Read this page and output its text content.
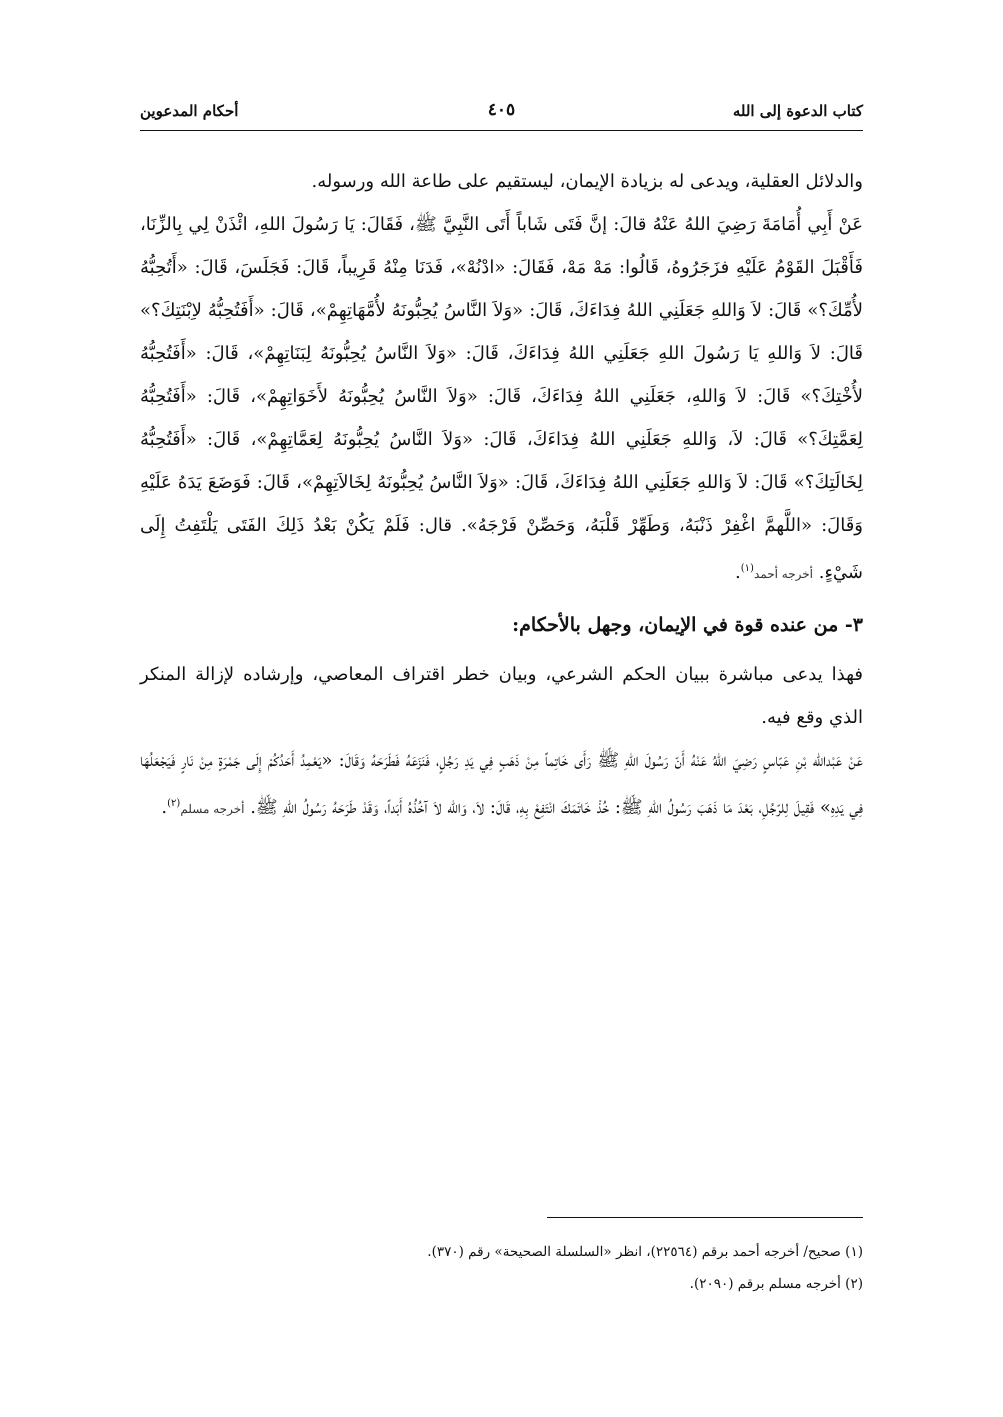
كتاب الدعوة إلى الله
٤٠٥
أحكام المدعوين

والدلائل العقلية، ويدعى له بزيادة الإيمان، ليستقيم على طاعة الله ورسوله.

عَنْ أَبِي أُمَامَةَ رَضِيَ اللهُ عَنْهُ قالَ: إنَّ فَتَى شَاباً أَتَى النَّبِيَّ ﷺ، فَقَالَ: يَا رَسُولَ اللهِ، ائْذَنْ لِي بِالزِّنَا، فَأَقْبَلَ القَوْمُ عَلَيْهِ فزَجَرُوهُ، قَالُوا: مَهْ مَهْ، فَقَالَ: «ادْنُهْ»، فَدَنَا مِنْهُ قَرِيباً، قَالَ: فَجَلَسَ، قَالَ: «أَتُحِبُّهُ لأُمِّكَ؟» قَالَ: لاَ وَاللهِ جَعَلَنِي اللهُ فِدَاءَكَ، قَالَ: «وَلاَ النَّاسُ يُحِبُّونَهُ لأُمَّهَاتِهِمْ»، قَالَ: «أَفَتُحِبُّهُ لاِبْنَتِكَ؟» قَالَ: لاَ وَاللهِ يَا رَسُولَ اللهِ جَعَلَنِي اللهُ فِدَاءَكَ، قَالَ: «وَلاَ النَّاسُ يُحِبُّونَهُ لِبَنَاتِهِمْ»، قَالَ: «أَفَتُحِبُّهُ لأُخْتِكَ؟» قَالَ: لاَ وَاللهِ، جَعَلَنِي اللهُ فِدَاءَكَ، قَالَ: «وَلاَ النَّاسُ يُحِبُّونَهُ لأَخَوَاتِهِمْ»، قَالَ: «أَفَتُحِبُّهُ لِعَمَّتِكَ؟» قَالَ: لاَ، وَاللهِ جَعَلَنِي اللهُ فِدَاءَكَ، قَالَ: «وَلاَ النَّاسُ يُحِبُّونَهُ لِعَمَّاتِهِمْ»، قَالَ: «أَفَتُحِبُّهُ لِخَالَتِكَ؟» قَالَ: لاَ وَاللهِ جَعَلَنِي اللهُ فِدَاءَكَ، قَالَ: «وَلاَ النَّاسُ يُحِبُّونَهُ لِخَالاَتِهِمْ»، قَالَ: فَوَضَعَ يَدَهُ عَلَيْهِ وَقَالَ: «اللَّهمَّ اغْفِرْ ذَنْبَهُ، وَطَهِّرْ قَلْبَهُ، وَحَصِّنْ فَرْجَهُ». قال: فَلَمْ يَكُنْ بَعْدُ ذَلِكَ الفَتَى يَلْتَفِتُ إِلَى شَيْءٍ. أخرجه أحمد$^{(١)}$.

٣- من عنده قوة في الإيمان، وجهل بالأحكام:

فهذا يدعى مباشرة ببيان الحكم الشرعي، وبيان خطر اقتراف المعاصي، وإرشاده لإزالة المنكر الذي وقع فيه.

عَنْ عَبْدالله بْنِ عَبّاسٍ رَضِيَ اللهُ عَنْهُ أَنّ رَسُولَ اللهِ ﷺ رَأَى خَاتِماً مِنْ ذَهَبٍ فِي يَدِ رَجُلٍ، فَنَزَعَهُ فَطَرَحَهُ وَقَالَ: «يَعْمِدُ أَحَدُكُمْ إِلَى جَمْرَةٍ مِنْ نَارٍ فَيَجْعَلُهَا فِي يَدِهِ» فَقِيلَ لِلرّجُلِ، بَعْدَ مَا ذَهَبَ رَسُولُ اللهِ ﷺ: خُذْ خَاتَمَكَ انْتَفِعْ بِهِ، قَالَ: لاَ، وَالله لاَ آخُذُهُ أَبَداً، وَقَدْ طَرَحَهُ رَسُولُ اللهِ ﷺ. أخرجه مسلم$^{(٢)}$.

(١) صحيح/ أخرجه أحمد برقم (٢٢٥٦٤)، انظر «السلسلة الصحيحة» رقم (٣٧٠).

(٢) أخرجه مسلم برقم (٢٠٩٠).
